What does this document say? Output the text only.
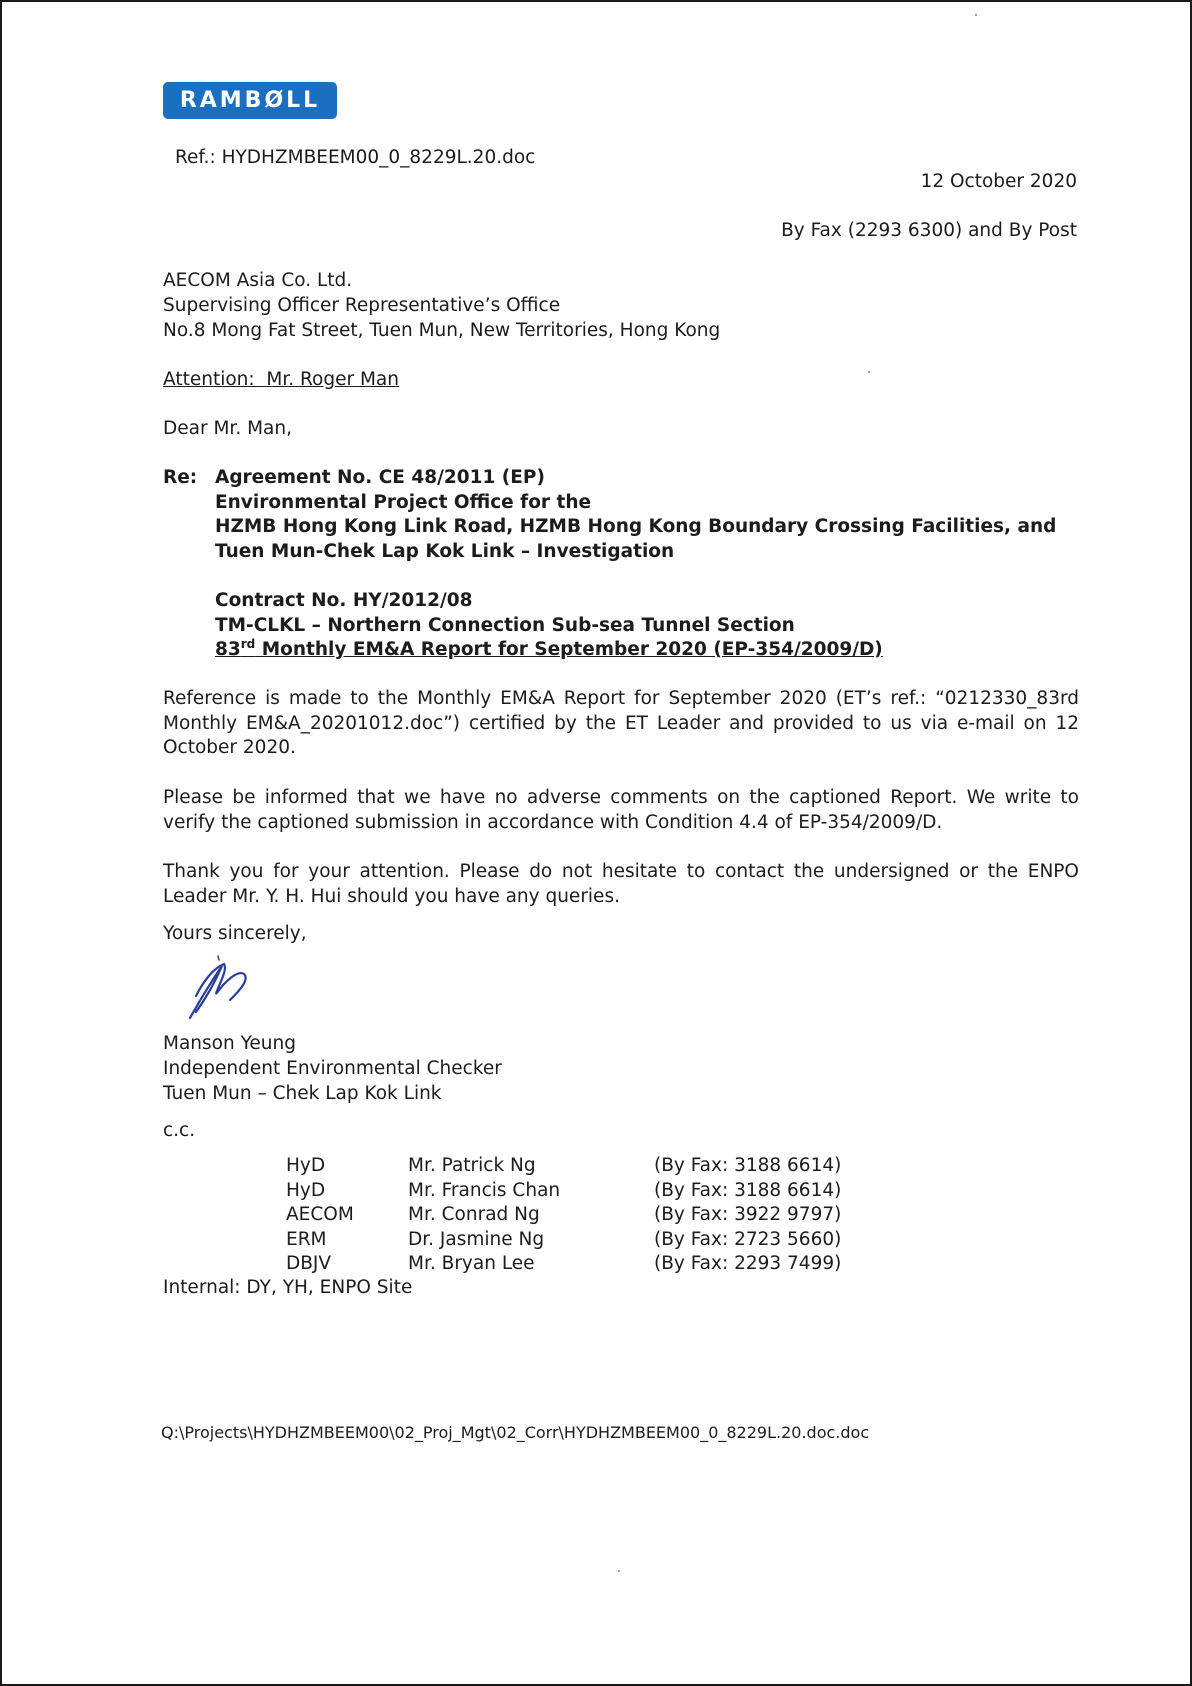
RAMBØLL
Ref.: HYDHZMBEEM00_0_8229L.20.doc
12 October 2020
By Fax (2293 6300) and By Post
AECOM Asia Co. Ltd.
Supervising Officer Representative’s Office
No.8 Mong Fat Street, Tuen Mun, New Territories, Hong Kong
Attention:  Mr. Roger Man
Dear Mr. Man,
Re: Agreement No. CE 48/2011 (EP)
Environmental Project Office for the
HZMB Hong Kong Link Road, HZMB Hong Kong Boundary Crossing Facilities, and
Tuen Mun-Chek Lap Kok Link – Investigation
Contract No. HY/2012/08
TM-CLKL – Northern Connection Sub-sea Tunnel Section
83rd Monthly EM&A Report for September 2020 (EP-354/2009/D)
Reference is made to the Monthly EM&A Report for September 2020 (ET’s ref.: “0212330_83rd Monthly EM&A_20201012.doc”) certified by the ET Leader and provided to us via e-mail on 12 October 2020.
Please be informed that we have no adverse comments on the captioned Report. We write to verify the captioned submission in accordance with Condition 4.4 of EP-354/2009/D.
Thank you for your attention. Please do not hesitate to contact the undersigned or the ENPO Leader Mr. Y. H. Hui should you have any queries.
Yours sincerely,
Manson Yeung
Independent Environmental Checker
Tuen Mun – Chek Lap Kok Link
c.c.
HyD	Mr. Patrick Ng	(By Fax: 3188 6614)
HyD	Mr. Francis Chan	(By Fax: 3188 6614)
AECOM	Mr. Conrad Ng	(By Fax: 3922 9797)
ERM	Dr. Jasmine Ng	(By Fax: 2723 5660)
DBJV	Mr. Bryan Lee	(By Fax: 2293 7499)
Internal: DY, YH, ENPO Site
Q:\Projects\HYDHZMBEEM00\02_Proj_Mgt\02_Corr\HYDHZMBEEM00_0_8229L.20.doc.doc
